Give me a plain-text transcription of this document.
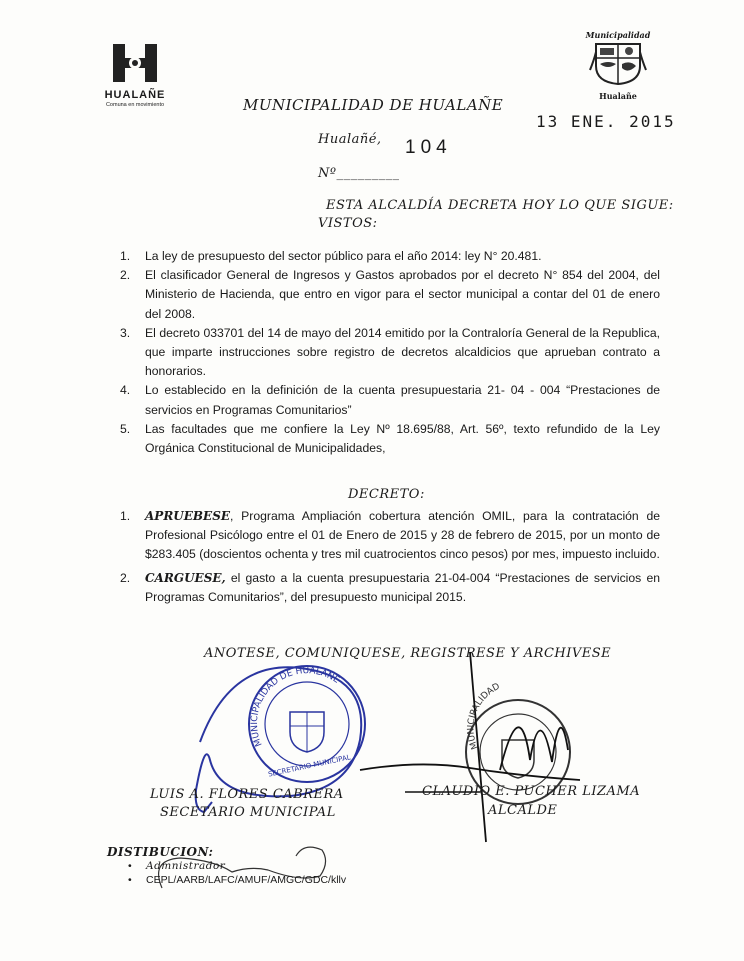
HUALAÑE
Comuna en movimiento
Municipalidad
Hualañe
MUNICIPALIDAD DE HUALAÑE
13 ENE. 2015
Hualañé, 104
Nº_________
ESTA ALCALDÍA DECRETA HOY LO QUE SIGUE:
VISTOS:
1.	La ley de presupuesto del sector público para el año 2014: ley N° 20.481.
2.	El clasificador General de Ingresos y Gastos aprobados por el decreto N° 854 del 2004, del Ministerio de Hacienda, que entro en vigor para el sector municipal a contar del 01 de enero del 2008.
3.	El decreto 033701 del 14 de mayo del 2014 emitido por la Contraloría General de la Republica, que imparte instrucciones sobre registro de decretos alcaldicios que aprueban contrato a honorarios.
4.	Lo establecido en la definición de la cuenta presupuestaria 21- 04 - 004 “Prestaciones de servicios en Programas Comunitarios”
5.	Las facultades que me confiere la Ley Nº 18.695/88, Art. 56º, texto refundido de la Ley Orgánica Constitucional de Municipalidades,
DECRETO:
1.	APRUEBESE, Programa Ampliación cobertura atención OMIL, para la contratación de Profesional Psicólogo entre el 01 de Enero de 2015 y 28 de febrero de 2015, por un monto de $283.405 (doscientos ochenta y tres mil cuatrocientos cinco pesos) por mes, impuesto incluido.
2.	CARGUESE, el gasto a la cuenta presupuestaria 21-04-004 “Prestaciones de servicios en Programas Comunitarios”, del presupuesto municipal 2015.
ANOTESE, COMUNIQUESE, REGISTRESE Y ARCHIVESE
MUNICIPALIDAD DE HUALAÑE
SECRETARIO MUNICIPAL
MUNICIPALIDAD
LUIS A. FLORES CABRERA
SECETARIO MUNICIPAL
CLAUDIO E. PUCHER LIZAMA
ALCALDE
DISTIBUCION:
•	Admnistrador
•	CEPL/AARB/LAFC/AMUF/AMGC/GDC/kllv
